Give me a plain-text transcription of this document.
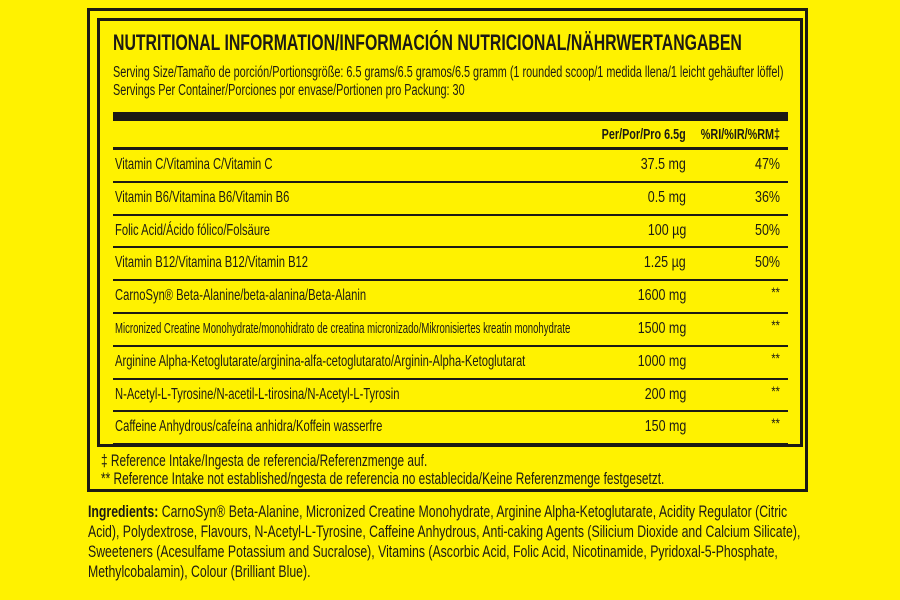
NUTRITIONAL INFORMATION/INFORMACIÓN NUTRICIONAL/NÄHRWERTANGABEN
Serving Size/Tamaño de porción/Portionsgröße: 6.5 grams/6.5 gramos/6.5 gramm (1 rounded scoop/1 medida llena/1 leicht gehäufter löffel)
Servings Per Container/Porciones por envase/Portionen pro Packung: 30
Per/Por/Pro 6.5g %RI/%IR/%RM‡
Vitamin C/Vitamina C/Vitamin C	37.5 mg	47%
Vitamin B6/Vitamina B6/Vitamin B6	0.5 mg	36%
Folic Acid/Ácido fólico/Folsäure	100 µg	50%
Vitamin B12/Vitamina B12/Vitamin B12	1.25 µg	50%
CarnoSyn® Beta-Alanine/beta-alanina/Beta-Alanin	1600 mg	**
Micronized Creatine Monohydrate/monohidrato de creatina micronizado/Mikronisiertes kreatin monohydrate	1500 mg	**
Arginine Alpha-Ketoglutarate/arginina-alfa-cetoglutarato/Arginin-Alpha-Ketoglutarat	1000 mg	**
N-Acetyl-L-Tyrosine/N-acetil-L-tirosina/N-Acetyl-L-Tyrosin	200 mg	**
Caffeine Anhydrous/cafeína anhidra/Koffein wasserfre	150 mg	**
‡ Reference Intake/Ingesta de referencia/Referenzmenge auf.
** Reference Intake not established/ngesta de referencia no establecida/Keine Referenzmenge festgesetzt.
Ingredients: CarnoSyn® Beta-Alanine, Micronized Creatine Monohydrate, Arginine Alpha-Ketoglutarate, Acidity Regulator (Citric Acid), Polydextrose, Flavours, N-Acetyl-L-Tyrosine, Caffeine Anhydrous, Anti-caking Agents (Silicium Dioxide and Calcium Silicate), Sweeteners (Acesulfame Potassium and Sucralose), Vitamins (Ascorbic Acid, Folic Acid, Nicotinamide, Pyridoxal-5-Phosphate, Methylcobalamin), Colour (Brilliant Blue).
